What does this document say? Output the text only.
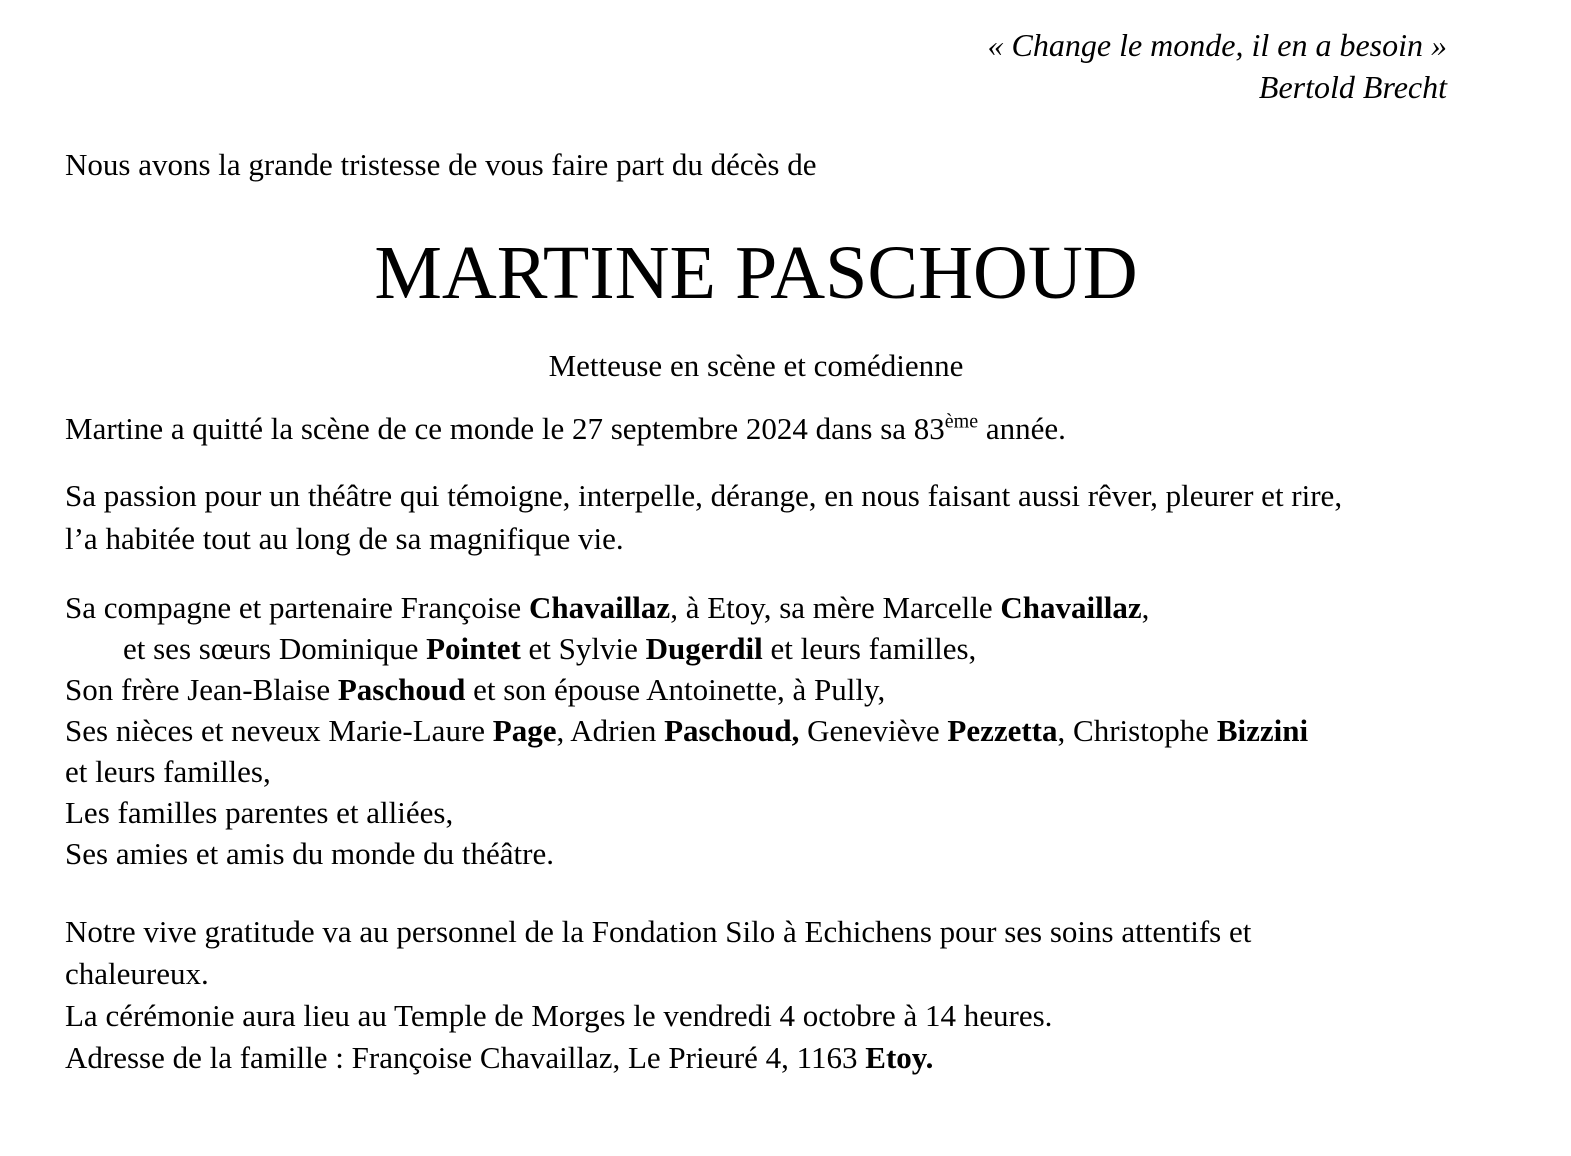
« Change le monde, il en a besoin »
Bertold Brecht
Nous avons la grande tristesse de vous faire part du décès de
MARTINE PASCHOUD
Metteuse en scène et comédienne
Martine a quitté la scène de ce monde le 27 septembre 2024 dans sa 83ème année.
Sa passion pour un théâtre qui témoigne, interpelle, dérange, en nous faisant aussi rêver, pleurer et rire,
l’a habitée tout au long de sa magnifique vie.
Sa compagne et partenaire Françoise Chavaillaz, à Etoy, sa mère Marcelle Chavaillaz,
et ses sœurs Dominique Pointet et Sylvie Dugerdil et leurs familles,
Son frère Jean-Blaise Paschoud et son épouse Antoinette, à Pully,
Ses nièces et neveux Marie-Laure Page, Adrien Paschoud, Geneviève Pezzetta, Christophe Bizzini
et leurs familles,
Les familles parentes et alliées,
Ses amies et amis du monde du théâtre.
Notre vive gratitude va au personnel de la Fondation Silo à Echichens pour ses soins attentifs et
chaleureux.
La cérémonie aura lieu au Temple de Morges le vendredi 4 octobre à 14 heures.
Adresse de la famille : Françoise Chavaillaz, Le Prieuré 4, 1163 Etoy.
